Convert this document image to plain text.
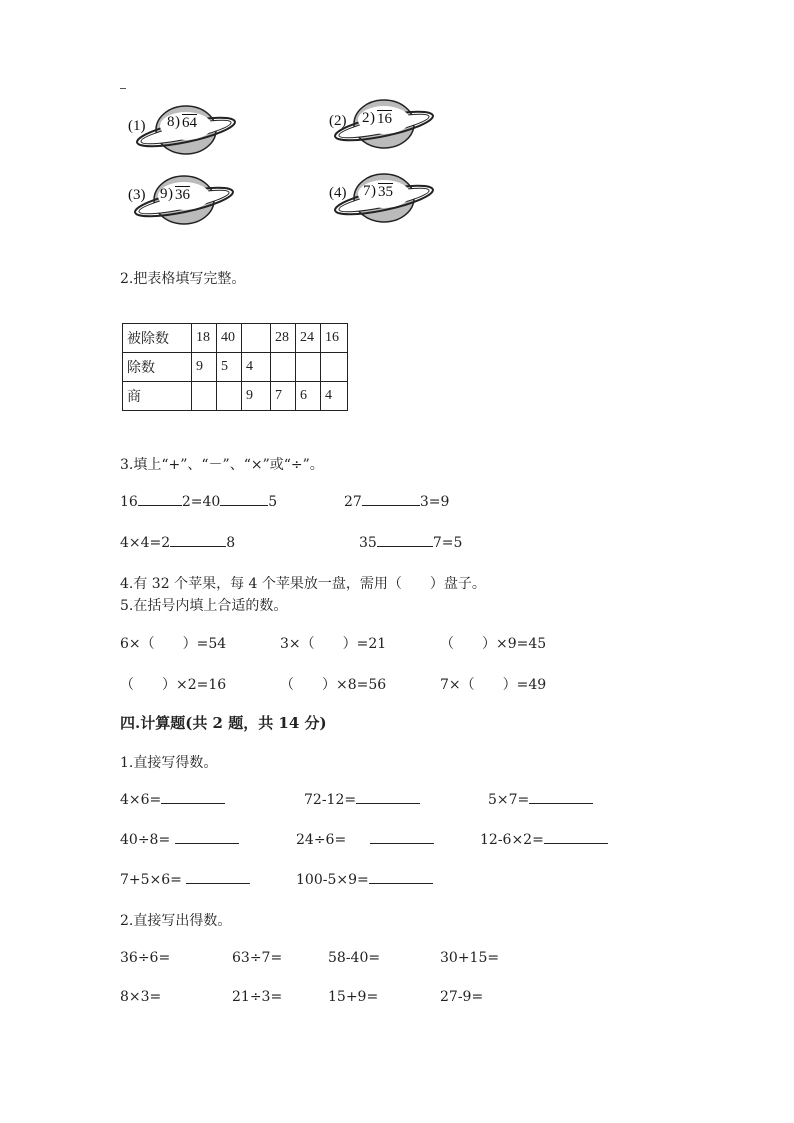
(1) 8 ) 64	(2) 2 ) 16
(3) 9 ) 36	(4) 7 ) 35
2.把表格填写完整。
被除数	18	40		28	24	16
除数	9	5	4			
商			9	7	6	4
3.填上“+”、“－”、“×”或“÷”。
16	2=40	5	27	3=9
4×4=2	8	35	7=5
4.有 32 个苹果，每 4 个苹果放一盘，需用（　　）盘子。
5.在括号内填上合适的数。
6×（　　）=54	3×（　　）=21	（　　）×9=45
（　　）×2=16	（　　）×8=56	7×（　　）=49
四.计算题(共 2 题，共 14 分)
1.直接写得数。
4×6=	72-12=	5×7=
40÷8=	24÷6=	12-6×2=
7+5×6=	100-5×9=
2.直接写出得数。
36÷6=	63÷7=	58-40=	30+15=
8×3=	21÷3=	15+9=	27-9=
